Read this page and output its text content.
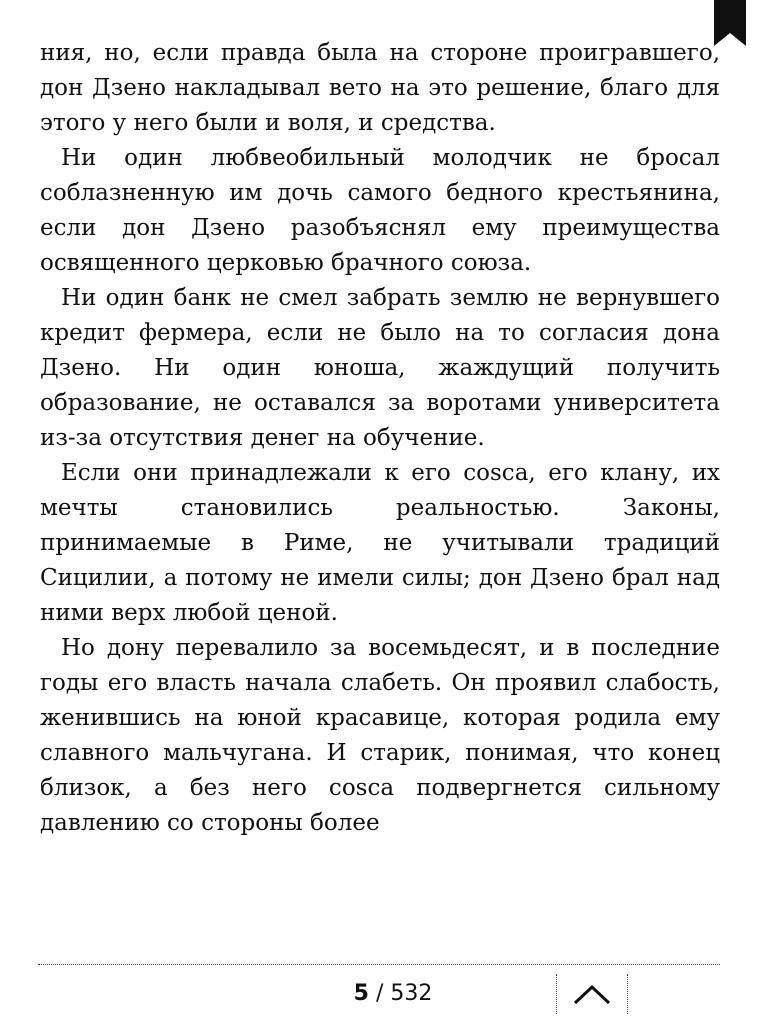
ния, но, если правда была на стороне проигравшего, дон Дзено накладывал вето на это решение, благо для этого у него были и воля, и средства.

Ни один любвеобильный молодчик не бросал соблазненную им дочь самого бедного крестьянина, если дон Дзено разобъяснял ему преимущества освященного церковью брачного союза.

Ни один банк не смел забрать землю не вернувшего кредит фермера, если не было на то согласия дона Дзено. Ни один юноша, жаждущий получить образование, не оставался за воротами университета из-за отсутствия денег на обучение.

Если они принадлежали к его cosca, его клану, их мечты становились реальностью. Законы, принимаемые в Риме, не учитывали традиций Сицилии, а потому не имели силы; дон Дзено брал над ними верх любой ценой.

Но дону перевалило за восемьдесят, и в последние годы его власть начала слабеть. Он проявил слабость, женившись на юной красавице, которая родила ему славного мальчугана. И старик, понимая, что конец близок, а без него cosca подвергнется сильному давлению со стороны более

5 / 532
